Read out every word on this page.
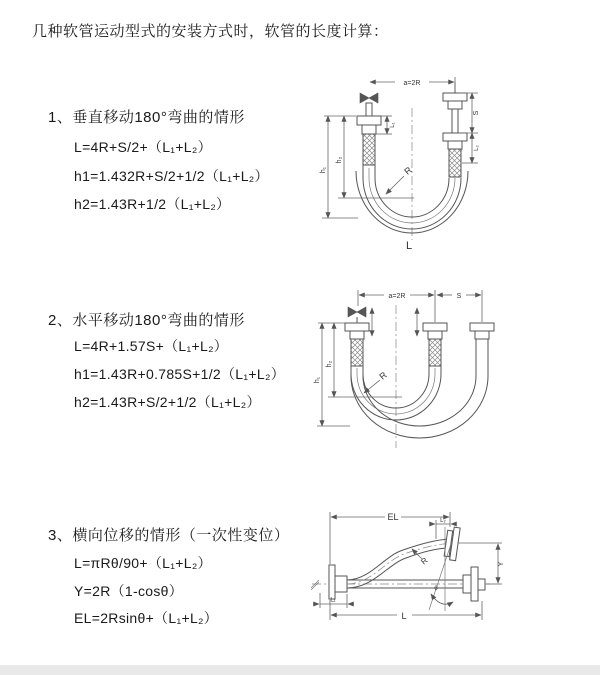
几种软管运动型式的安装方式时，软管的长度计算：
1、垂直移动180°弯曲的情形
L=4R+S/2+（L₁+L₂）
h1=1.432R+S/2+1/2（L₁+L₂）
h2=1.43R+1/2（L₁+L₂）
2、水平移动180°弯曲的情形
L=4R+1.57S+（L₁+L₂）
h1=1.43R+0.785S+1/2（L₁+L₂）
h2=1.43R+S/2+1/2（L₁+L₂）
3、横向位移的情形（一次性变位）
L=πRθ/90+（L₁+L₂）
Y=2R（1-cosθ）
EL=2Rsinθ+（L₁+L₂）
a=2R
L₁
S
L₂
h₂
h₁	R
L
a=2R	S
h₂
h₁	R
θ
EL	L₂
Y
L
L₁
R
